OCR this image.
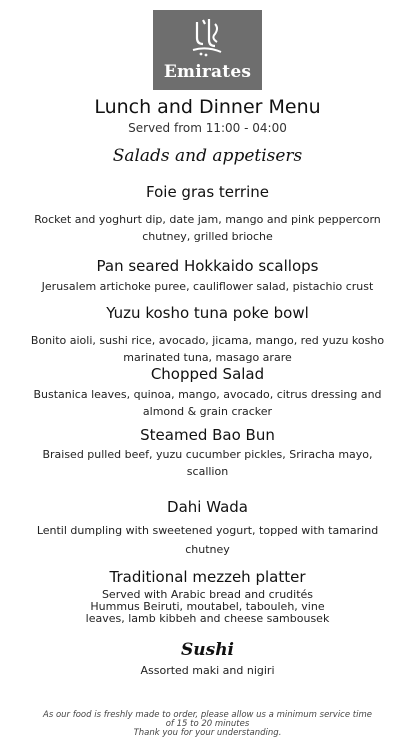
Emirates
Lunch and Dinner Menu
Served from 11:00 - 04:00
Salads and appetisers
Foie gras terrine
Rocket and yoghurt dip, date jam, mango and pink peppercorn
chutney, grilled brioche
Pan seared Hokkaido scallops
Jerusalem artichoke puree, cauliflower salad, pistachio crust
Yuzu kosho tuna poke bowl
Bonito aioli, sushi rice, avocado, jicama, mango, red yuzu kosho
marinated tuna, masago arare
Chopped Salad
Bustanica leaves, quinoa, mango, avocado, citrus dressing and
almond & grain cracker
Steamed Bao Bun
Braised pulled beef, yuzu cucumber pickles, Sriracha mayo,
scallion
Dahi Wada
Lentil dumpling with sweetened yogurt, topped with tamarind
chutney
Traditional mezzeh platter
Served with Arabic bread and crudités
Hummus Beiruti, moutabel, tabouleh, vine
leaves, lamb kibbeh and cheese sambousek
Sushi
Assorted maki and nigiri
As our food is freshly made to order, please allow us a minimum service time
of 15 to 20 minutes
Thank you for your understanding.
